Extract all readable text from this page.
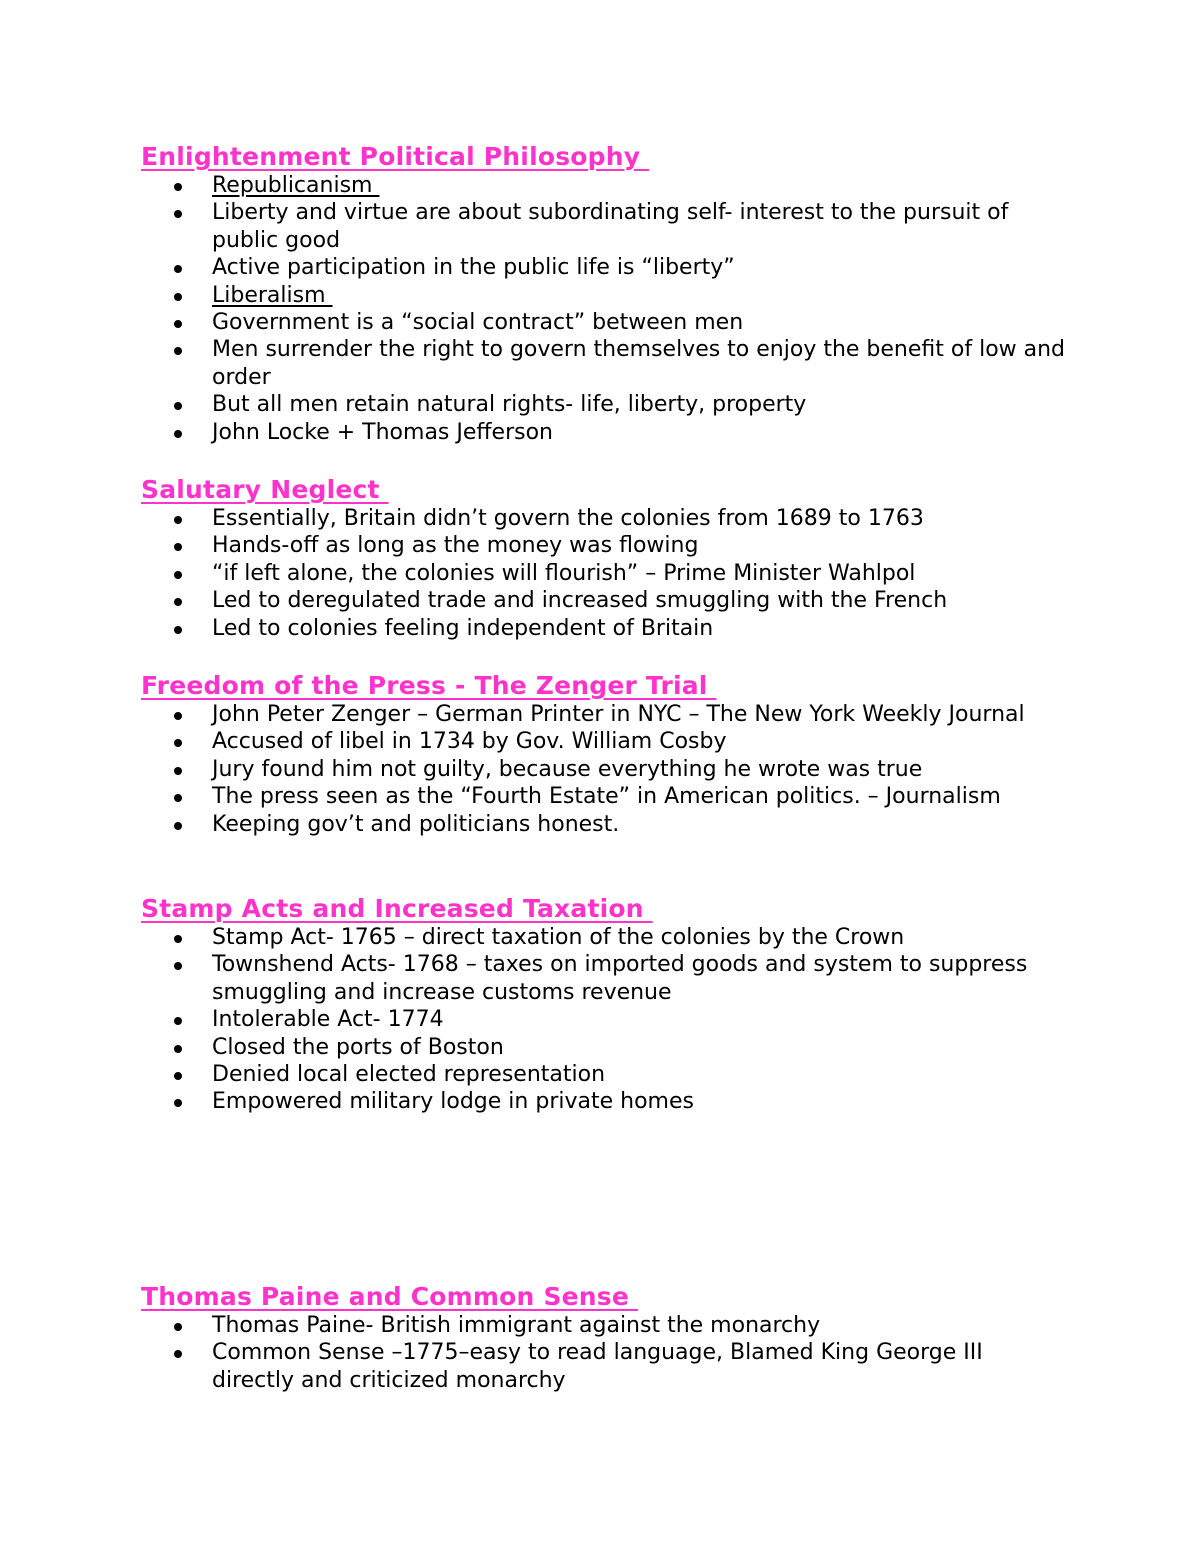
Enlightenment Political Philosophy
Republicanism
Liberty and virtue are about subordinating self- interest to the pursuit of public good
Active participation in the public life is “liberty”
Liberalism
Government is a “social contract” between men
Men surrender the right to govern themselves to enjoy the benefit of low and order
But all men retain natural rights- life, liberty, property
John Locke + Thomas Jefferson
Salutary Neglect
Essentially, Britain didn’t govern the colonies from 1689 to 1763
Hands-off as long as the money was flowing
“if left alone, the colonies will flourish” – Prime Minister Wahlpol
Led to deregulated trade and increased smuggling with the French
Led to colonies feeling independent of Britain
Freedom of the Press - The Zenger Trial
John Peter Zenger – German Printer in NYC – The New York Weekly Journal
Accused of libel in 1734 by Gov. William Cosby
Jury found him not guilty, because everything he wrote was true
The press seen as the “Fourth Estate” in American politics. – Journalism
Keeping gov’t and politicians honest.
Stamp Acts and Increased Taxation
Stamp Act- 1765 – direct taxation of the colonies by the Crown
Townshend Acts- 1768 – taxes on imported goods and system to suppress smuggling and increase customs revenue
Intolerable Act- 1774
Closed the ports of Boston
Denied local elected representation
Empowered military lodge in private homes
Thomas Paine and Common Sense
Thomas Paine- British immigrant against the monarchy
Common Sense –1775–easy to read language, Blamed King George III directly and criticized monarchy
